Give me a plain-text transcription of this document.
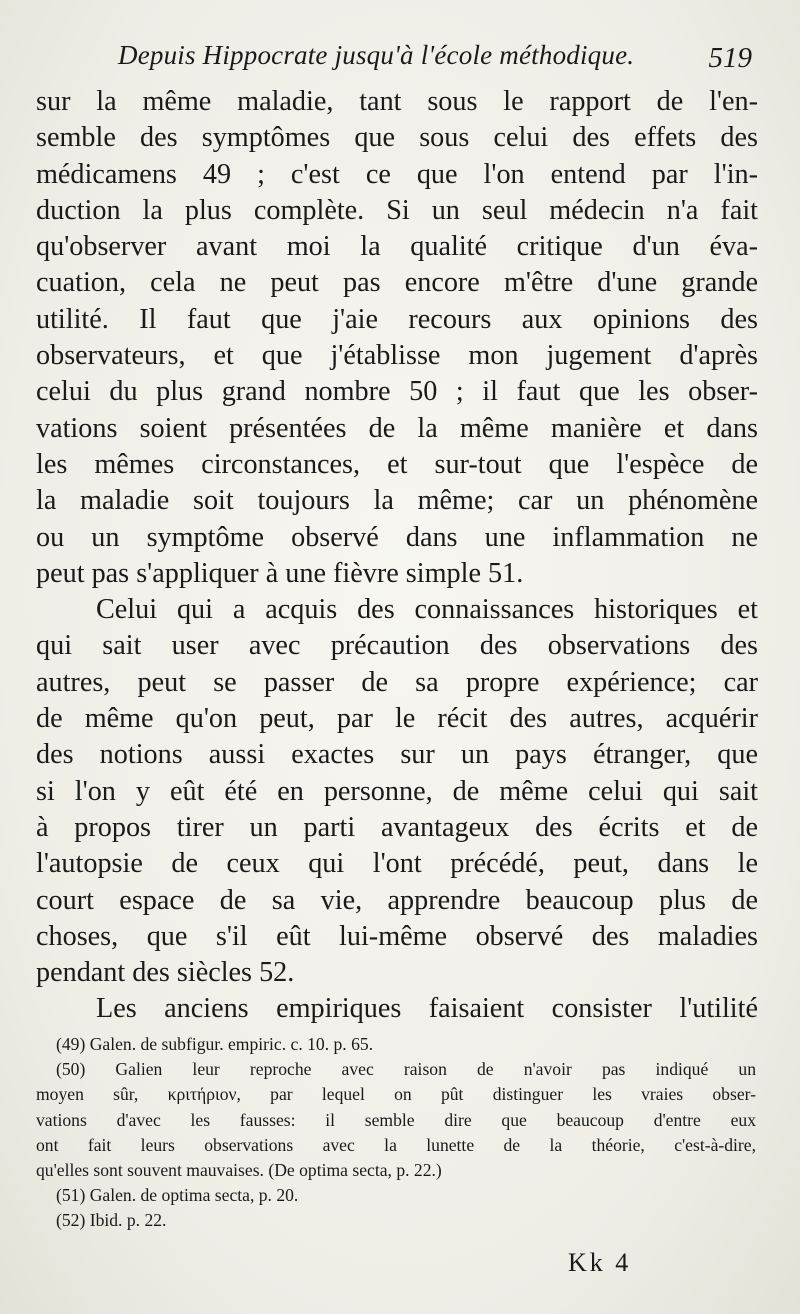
Depuis Hippocrate jusqu'à l'école méthodique.	519
sur la même maladie, tant sous le rapport de l'en-
semble des symptômes que sous celui des effets des
médicamens 49 ; c'est ce que l'on entend par l'in-
duction la plus complète. Si un seul médecin n'a fait
qu'observer avant moi la qualité critique d'un éva-
cuation, cela ne peut pas encore m'être d'une grande
utilité. Il faut que j'aie recours aux opinions des
observateurs, et que j'établisse mon jugement d'après
celui du plus grand nombre 50 ; il faut que les obser-
vations soient présentées de la même manière et dans
les mêmes circonstances, et sur-tout que l'espèce de
la maladie soit toujours la même; car un phénomène
ou un symptôme observé dans une inflammation ne
peut pas s'appliquer à une fièvre simple 51.
Celui qui a acquis des connaissances historiques et
qui sait user avec précaution des observations des
autres, peut se passer de sa propre expérience; car
de même qu'on peut, par le récit des autres, acquérir
des notions aussi exactes sur un pays étranger, que
si l'on y eût été en personne, de même celui qui sait
à propos tirer un parti avantageux des écrits et de
l'autopsie de ceux qui l'ont précédé, peut, dans le
court espace de sa vie, apprendre beaucoup plus de
choses, que s'il eût lui-même observé des maladies
pendant des siècles 52.
Les anciens empiriques faisaient consister l'utilité
(49) Galen. de subfigur. empiric. c. 10. p. 65.
(50) Galien leur reproche avec raison de n'avoir pas indiqué un
moyen sûr, κριτήριον, par lequel on pût distinguer les vraies obser-
vations d'avec les fausses: il semble dire que beaucoup d'entre eux
ont fait leurs observations avec la lunette de la théorie, c'est-à-dire,
qu'elles sont souvent mauvaises. (De optima secta, p. 22.)
(51) Galen. de optima secta, p. 20.
(52) Ibid. p. 22.
Kk 4
